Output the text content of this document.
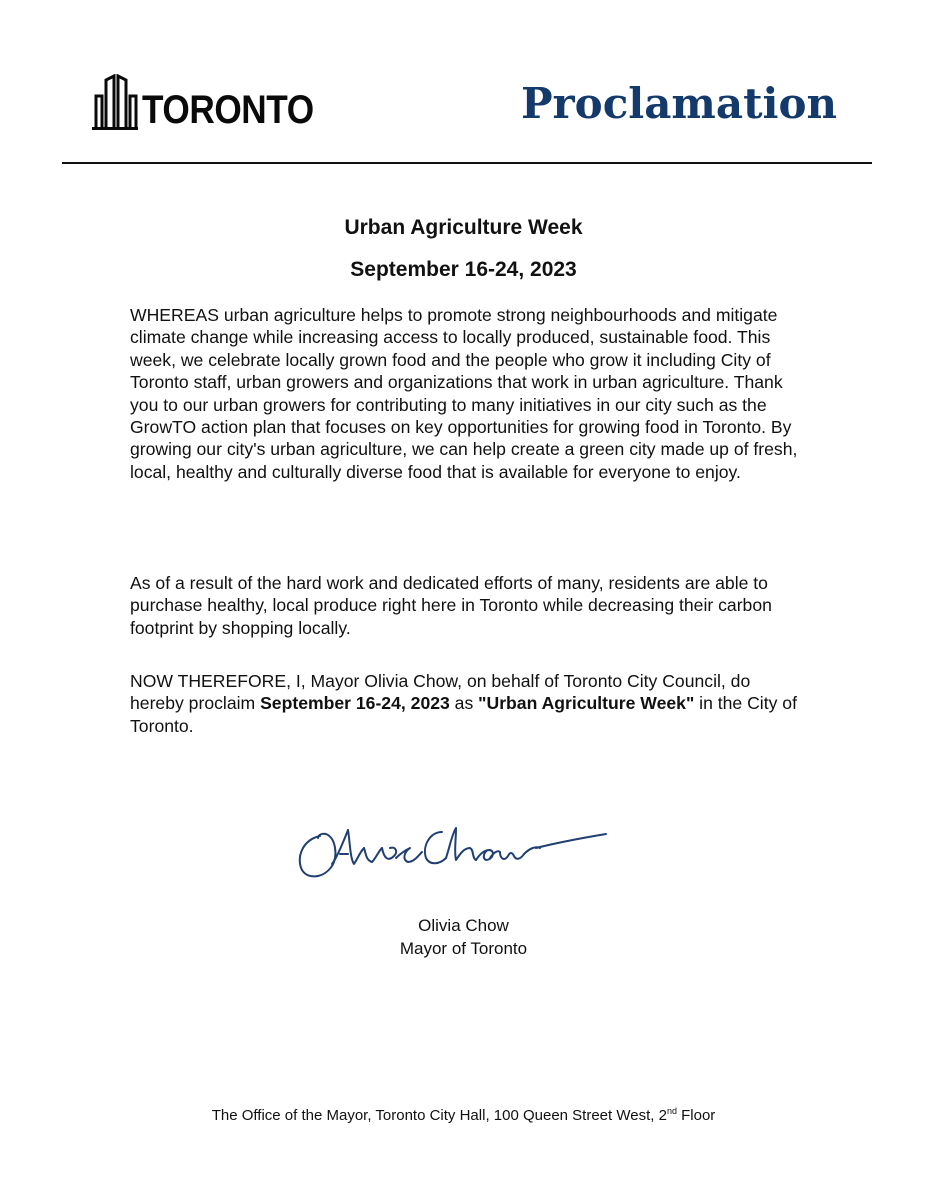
TORONTO	Proclamation
Urban Agriculture Week
September 16-24, 2023

WHEREAS urban agriculture helps to promote strong neighbourhoods and mitigate climate change while increasing access to locally produced, sustainable food. This week, we celebrate locally grown food and the people who grow it including City of Toronto staff, urban growers and organizations that work in urban agriculture. Thank you to our urban growers for contributing to many initiatives in our city such as the GrowTO action plan that focuses on key opportunities for growing food in Toronto. By growing our city's urban agriculture, we can help create a green city made up of fresh, local, healthy and culturally diverse food that is available for everyone to enjoy.

As of a result of the hard work and dedicated efforts of many, residents are able to purchase healthy, local produce right here in Toronto while decreasing their carbon footprint by shopping locally.

NOW THEREFORE, I, Mayor Olivia Chow, on behalf of Toronto City Council, do hereby proclaim September 16-24, 2023 as "Urban Agriculture Week" in the City of Toronto.

Olivia Chow
Mayor of Toronto
The Office of the Mayor, Toronto City Hall, 100 Queen Street West, 2nd Floor
